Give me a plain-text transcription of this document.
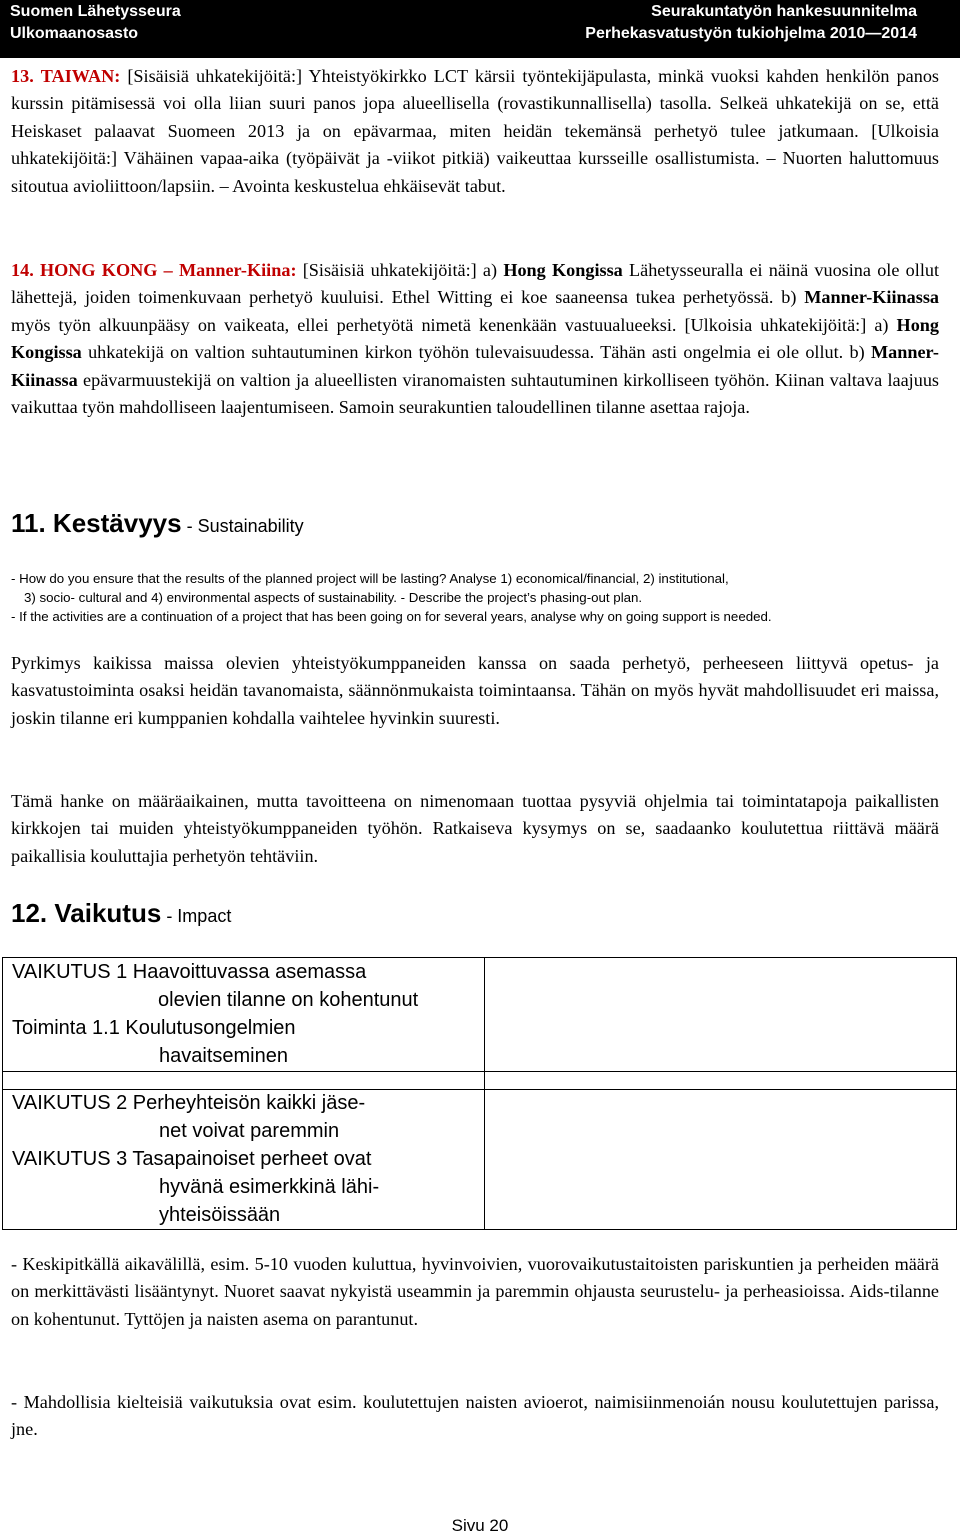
Suomen Lähetysseura
Ulkomaanosasto
Seurakuntatyön hankesuunnitelma
Perhekasvatustyön tukiohjelma 2010—2014
13. TAIWAN: [Sisäisiä uhkatekijöitä:] Yhteistyökirkko LCT kärsii työntekijäpulasta, minkä vuoksi kahden henkilön panos kurssin pitämisessä voi olla liian suuri panos jopa alueellisella (rovastikunnallisella) tasolla. Selkeä uhkatekijä on se, että Heiskaset palaavat Suomeen 2013 ja on epävarmaa, miten heidän tekemänsä perhetyö tulee jatkumaan. [Ulkoisia uhkatekijöitä:] Vähäinen vapaa-aika (työpäivät ja -viikot pitkiä) vaikeuttaa kursseille osallistumista. – Nuorten haluttomuus sitoutua avioliittoon/lapsiin. – Avointa keskustelua ehkäisevät tabut.
14. HONG KONG – Manner-Kiina: [Sisäisiä uhkatekijöitä:] a) Hong Kongissa Lähetysseuralla ei näinä vuosina ole ollut lähettejä, joiden toimenkuvaan perhetyö kuuluisi. Ethel Witting ei koe saaneensa tukea perhetyössä. b) Manner-Kiinassa myös työn alkuunpääsy on vaikeata, ellei perhetyötä nimetä kenenkään vastuualueeksi. [Ulkoisia uhkatekijöitä:] a) Hong Kongissa uhkatekijä on valtion suhtautuminen kirkon työhön tulevaisuudessa. Tähän asti ongelmia ei ole ollut. b) Manner-Kiinassa epävarmuustekijä on valtion ja alueellisten viranomaisten suhtautuminen kirkolliseen työhön. Kiinan valtava laajuus vaikuttaa työn mahdolliseen laajentumiseen. Samoin seurakuntien taloudellinen tilanne asettaa rajoja.
11. Kestävyys - Sustainability
- How do you ensure that the results of the planned project will be lasting? Analyse 1) economical/financial, 2) institutional,
3) socio- cultural and 4) environmental aspects of sustainability. - Describe the project’s phasing-out plan.
- If the activities are a continuation of a project that has been going on for several years, analyse why on going support is needed.
Pyrkimys kaikissa maissa olevien yhteistyökumppaneiden kanssa on saada perhetyö, perheeseen liittyvä opetus- ja kasvatustoiminta osaksi heidän tavanomaista, säännönmukaista toimintaansa. Tähän on myös hyvät mahdollisuudet eri maissa, joskin tilanne eri kumppanien kohdalla vaihtelee hyvinkin suuresti.
Tämä hanke on määräaikainen, mutta tavoitteena on nimenomaan tuottaa pysyviä ohjelmia tai toimintatapoja paikallisten kirkkojen tai muiden yhteistyökumppaneiden työhön. Ratkaiseva kysymys on se, saadaanko koulutettua riittävä määrä paikallisia kouluttajia perhetyön tehtäviin.
12. Vaikutus - Impact
VAIKUTUS 1 Haavoittuvassa asemassa
olevien tilanne on kohentunut
Toiminta 1.1 Koulutusongelmien
havaitseminen
VAIKUTUS 2 Perheyhteisön kaikki jäse-
net voivat paremmin
VAIKUTUS 3 Tasapainoiset perheet ovat
hyvänä esimerkkinä lähi-
yhteisöissään
- Keskipitkällä aikavälillä, esim. 5-10 vuoden kuluttua, hyvinvoivien, vuorovaikutustaitoisten pariskuntien ja perheiden määrä on merkittävästi lisääntynyt. Nuoret saavat nykyistä useammin ja paremmin ohjausta seurustelu- ja perheasioissa. Aids-tilanne on kohentunut. Tyttöjen ja naisten asema on parantunut.
- Mahdollisia kielteisiä vaikutuksia ovat esim. koulutettujen naisten avioerot, naimisiinmenoián nousu koulutettujen parissa, jne.
Sivu 20
